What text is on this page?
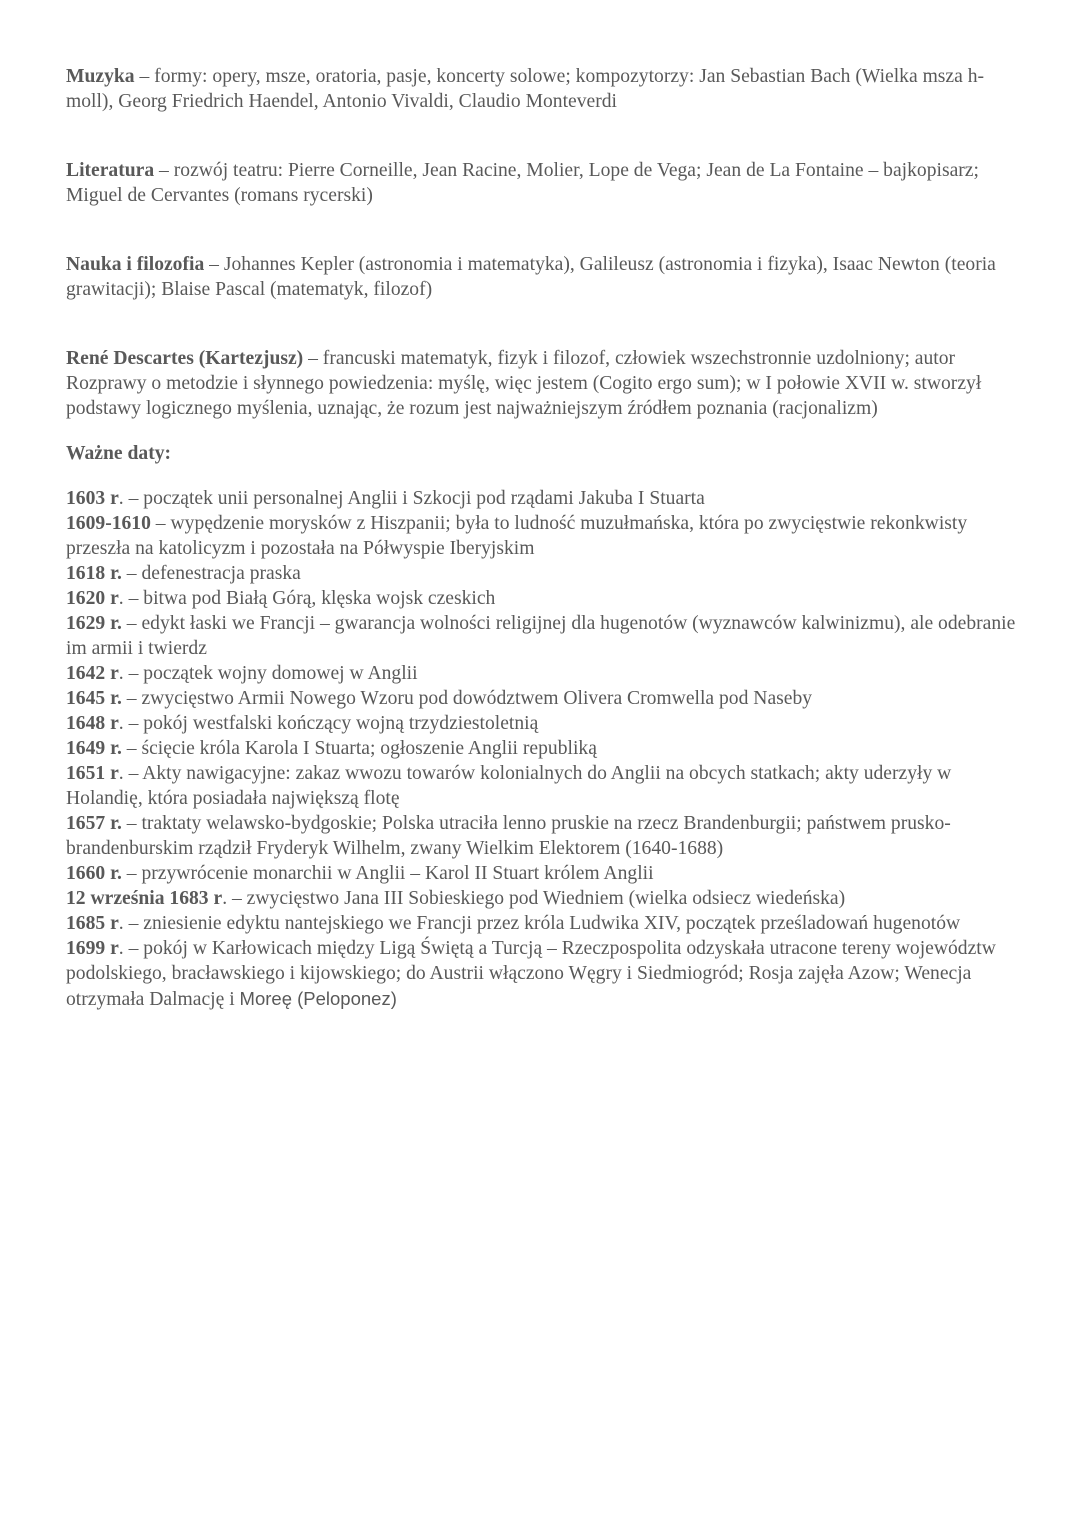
Muzyka – formy: opery, msze, oratoria, pasje, koncerty solowe; kompozytorzy: Jan Sebastian Bach (Wielka msza h-moll), Georg Friedrich Haendel, Antonio Vivaldi, Claudio Monteverdi

Literatura – rozwój teatru: Pierre Corneille, Jean Racine, Molier, Lope de Vega; Jean de La Fontaine – bajkopisarz; Miguel de Cervantes (romans rycerski)

Nauka i filozofia – Johannes Kepler (astronomia i matematyka), Galileusz (astronomia i fizyka), Isaac Newton (teoria grawitacji); Blaise Pascal (matematyk, filozof)

René Descartes (Kartezjusz) – francuski matematyk, fizyk i filozof, człowiek wszechstronnie uzdolniony; autor Rozprawy o metodzie i słynnego powiedzenia: myślę, więc jestem (Cogito ergo sum); w I połowie XVII w. stworzył podstawy logicznego myślenia, uznając, że rozum jest najważniejszym źródłem poznania (racjonalizm)

Ważne daty:

1603 r. – początek unii personalnej Anglii i Szkocji pod rządami Jakuba I Stuarta

1609-1610 – wypędzenie morysków z Hiszpanii; była to ludność muzułmańska, która po zwycięstwie rekonkwisty przeszła na katolicyzm i pozostała na Półwyspie Iberyjskim

1618 r. – defenestracja praska

1620 r. – bitwa pod Białą Górą, klęska wojsk czeskich

1629 r. – edykt łaski we Francji – gwarancja wolności religijnej dla hugenotów (wyznawców kalwinizmu), ale odebranie im armii i twierdz

1642 r. – początek wojny domowej w Anglii

1645 r. – zwycięstwo Armii Nowego Wzoru pod dowództwem Olivera Cromwella pod Naseby

1648 r. – pokój westfalski kończący wojną trzydziestoletnią

1649 r. – ścięcie króla Karola I Stuarta; ogłoszenie Anglii republiką

1651 r. – Akty nawigacyjne: zakaz wwozu towarów kolonialnych do Anglii na obcych statkach; akty uderzyły w Holandię, która posiadała największą flotę

1657 r. – traktaty welawsko-bydgoskie; Polska utraciła lenno pruskie na rzecz Brandenburgii; państwem prusko-brandenburskim rządził Fryderyk Wilhelm, zwany Wielkim Elektorem (1640-1688)

1660 r. – przywrócenie monarchii w Anglii – Karol II Stuart królem Anglii

12 września 1683 r. – zwycięstwo Jana III Sobieskiego pod Wiedniem (wielka odsiecz wiedeńska)

1685 r. – zniesienie edyktu nantejskiego we Francji przez króla Ludwika XIV, początek prześladowań hugenotów

1699 r. – pokój w Karłowicach między Ligą Świętą a Turcją – Rzeczpospolita odzyskała utracone tereny województw podolskiego, bracławskiego i kijowskiego; do Austrii włączono Węgry i Siedmiogród; Rosja zajęła Azow; Wenecja otrzymała Dalmację i Moreę (Peloponez)
